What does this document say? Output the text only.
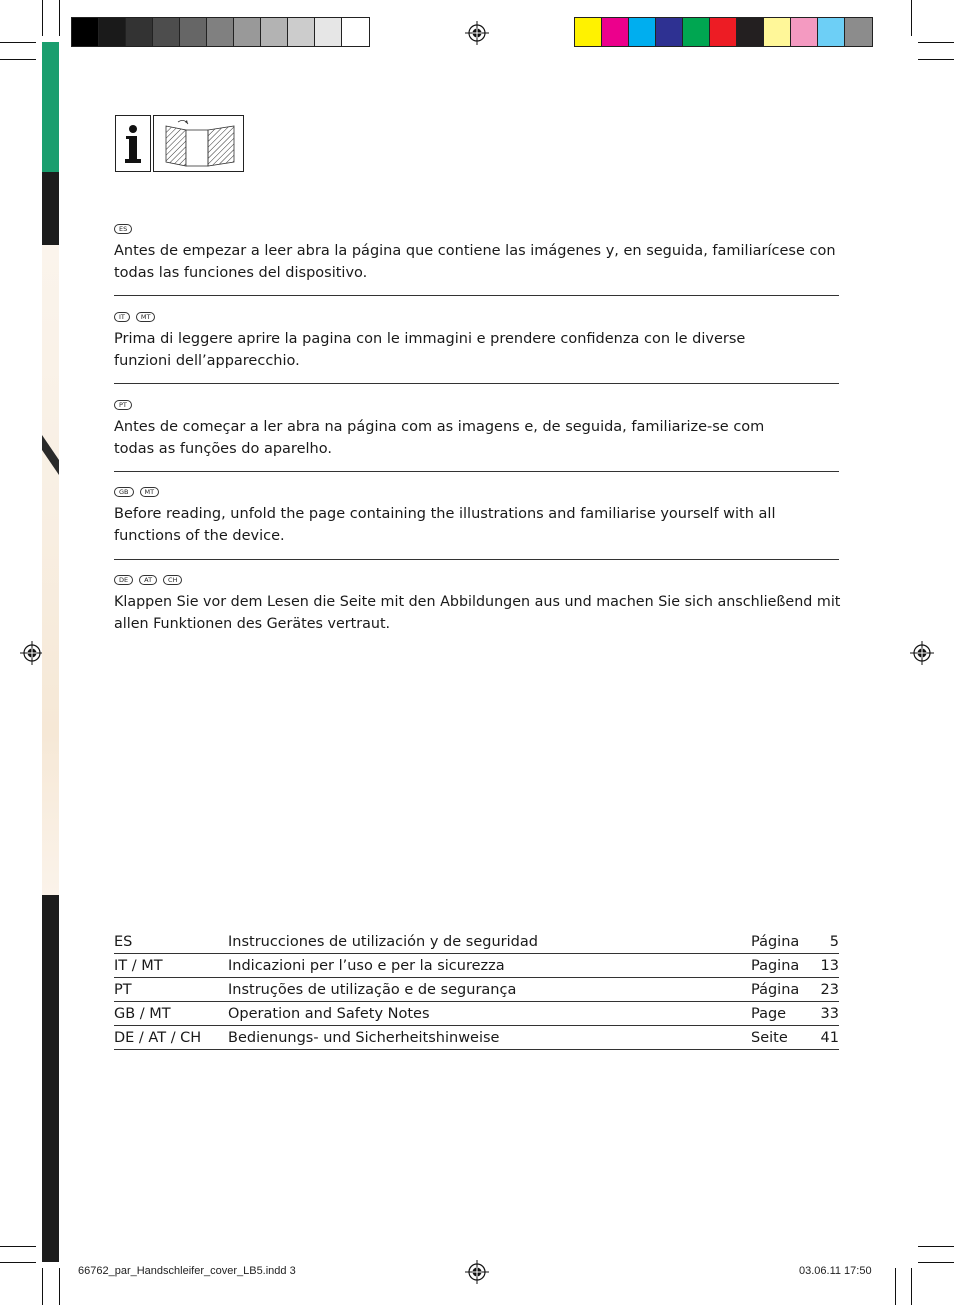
ES
Antes de empezar a leer abra la página que contiene las imágenes y, en seguida, familiarícese con todas las funciones del dispositivo.
IT	MT
Prima di leggere aprire la pagina con le immagini e prendere confidenza con le diverse funzioni dell’apparecchio.
PT
Antes de começar a ler abra na página com as imagens e, de seguida, familiarize-se com todas as funções do aparelho.
GB	MT
Before reading, unfold the page containing the illustrations and familiarise yourself with all functions of the device.
DE	AT	CH
Klappen Sie vor dem Lesen die Seite mit den Abbildungen aus und machen Sie sich anschließend mit allen Funktionen des Gerätes vertraut.
ES	Instrucciones de utilización y de seguridad	Página	5
IT / MT	Indicazioni per l’uso e per la sicurezza	Pagina	13
PT	Instruções de utilização e de segurança	Página	23
GB / MT	Operation and Safety Notes	Page	33
DE / AT / CH	Bedienungs- und Sicherheitshinweise	Seite	41
66762_par_Handschleifer_cover_LB5.indd 3	03.06.11 17:50
